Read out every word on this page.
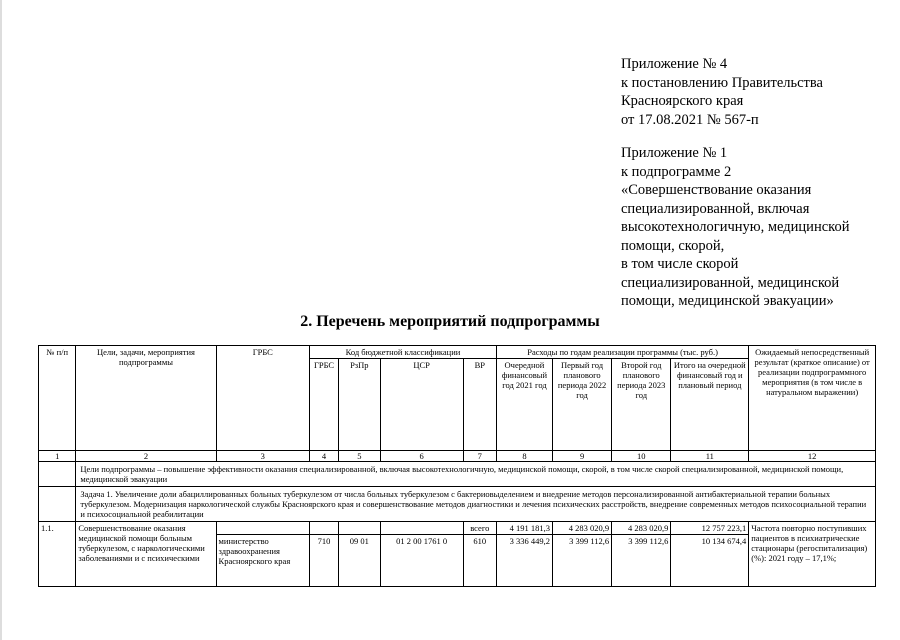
Приложение № 4
к постановлению Правительства
Красноярского края
от 17.08.2021 № 567-п
Приложение № 1
к подпрограмме 2
«Совершенствование оказания
специализированной, включая
высокотехнологичную, медицинской
помощи, скорой,
в том числе скорой
специализированной, медицинской
помощи, медицинской эвакуации»
2. Перечень мероприятий подпрограммы
№ п/п	Цели, задачи, мероприятия подпрограммы	ГРБС	Код бюджетной классификации				Расходы по годам реализации программы (тыс. руб.)				Ожидаемый непосредственный результат (краткое описание) от реализации подпрограммного мероприятия (в том числе в натуральном выражении)
			ГРБС	РзПр	ЦСР	ВР	Очередной финансовый год 2021 год	Первый год планового периода 2022 год	Второй год планового периода 2023 год	Итого на очередной финансовый год и плановый период	
1	2	3	4	5	6	7	8	9	10	11	12
	Цели подпрограммы – повышение эффективности оказания специализированной, включая высокотехнологичную, медицинской помощи, скорой, в том числе скорой специализированной, медицинской помощи, медицинской эвакуации										
	Задача 1. Увеличение доли абациллированных больных туберкулезом от числа больных туберкулезом с бактериовыделением и внедрение методов персонализированной антибактериальной терапии больных туберкулезом. Модернизация наркологической службы Красноярского края и совершенствование методов диагностики и лечения психических расстройств, внедрение современных методов психосоциальной терапии и психосоциальной реабилитации										
1.1.	Совершенствование оказания медицинской помощи больным туберкулезом, с наркологическими заболеваниями и с психическими					всего	4 191 181,3	4 283 020,9	4 283 020,9	12 757 223,1	Частота повторно поступивших пациентов в психиатрические стационары (регоспитализация) (%): 2021 году – 17,1%;
		министерство здравоохранения Красноярского края	710	09 01	01 2 00 1761 0	610	3 336 449,2	3 399 112,6	3 399 112,6	10 134 674,4	
